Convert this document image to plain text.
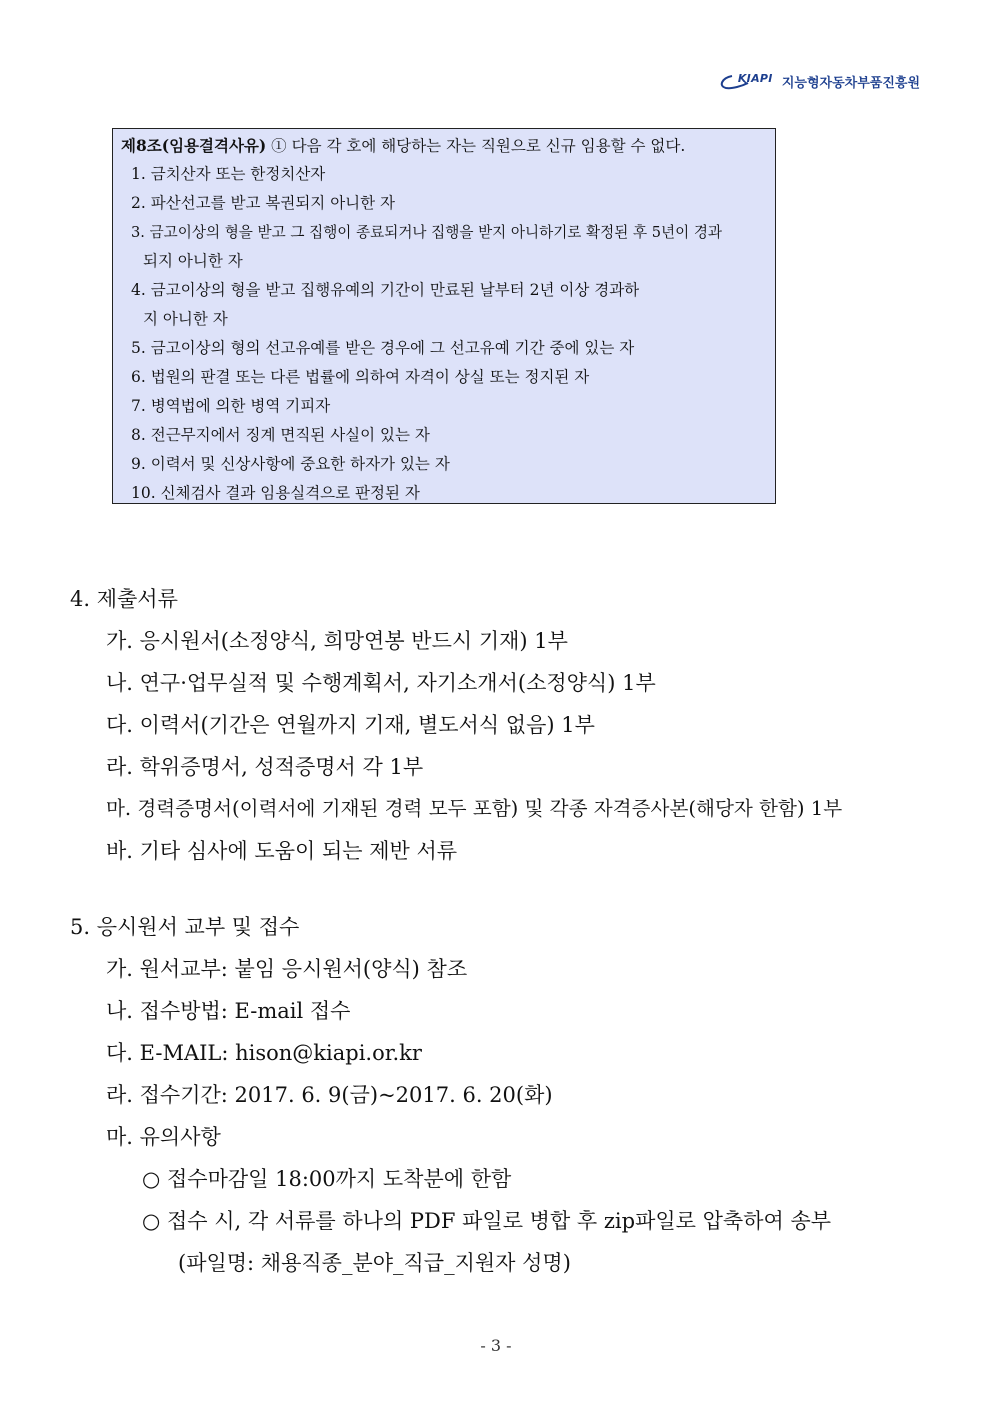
KIAPI 지능형자동차부품진흥원
제8조(임용결격사유) ① 다음 각 호에 해당하는 자는 직원으로 신규 임용할 수 없다.
1. 금치산자 또는 한정치산자
2. 파산선고를 받고 복권되지 아니한 자
3. 금고이상의 형을 받고 그 집행이 종료되거나 집행을 받지 아니하기로 확정된 후 5년이 경과
되지 아니한 자
4. 금고이상의 형을 받고 집행유예의 기간이 만료된 날부터 2년 이상 경과하
지 아니한 자
5. 금고이상의 형의 선고유예를 받은 경우에 그 선고유예 기간 중에 있는 자
6. 법원의 판결 또는 다른 법률에 의하여 자격이 상실 또는 정지된 자
7. 병역법에 의한 병역 기피자
8. 전근무지에서 징계 면직된 사실이 있는 자
9. 이력서 및 신상사항에 중요한 하자가 있는 자
10. 신체검사 결과 임용실격으로 판정된 자
4. 제출서류
가. 응시원서(소정양식, 희망연봉 반드시 기재) 1부
나. 연구·업무실적 및 수행계획서, 자기소개서(소정양식) 1부
다. 이력서(기간은 연월까지 기재, 별도서식 없음) 1부
라. 학위증명서, 성적증명서 각 1부
마. 경력증명서(이력서에 기재된 경력 모두 포함) 및 각종 자격증사본(해당자 한함) 1부
바. 기타 심사에 도움이 되는 제반 서류
5. 응시원서 교부 및 접수
가. 원서교부: 붙임 응시원서(양식) 참조
나. 접수방법: E-mail 접수
다. E-MAIL: hison@kiapi.or.kr
라. 접수기간: 2017. 6. 9(금)~2017. 6. 20(화)
마. 유의사항
○ 접수마감일 18:00까지 도착분에 한함
○ 접수 시, 각 서류를 하나의 PDF 파일로 병합 후 zip파일로 압축하여 송부
(파일명: 채용직종_분야_직급_지원자 성명)
- 3 -
